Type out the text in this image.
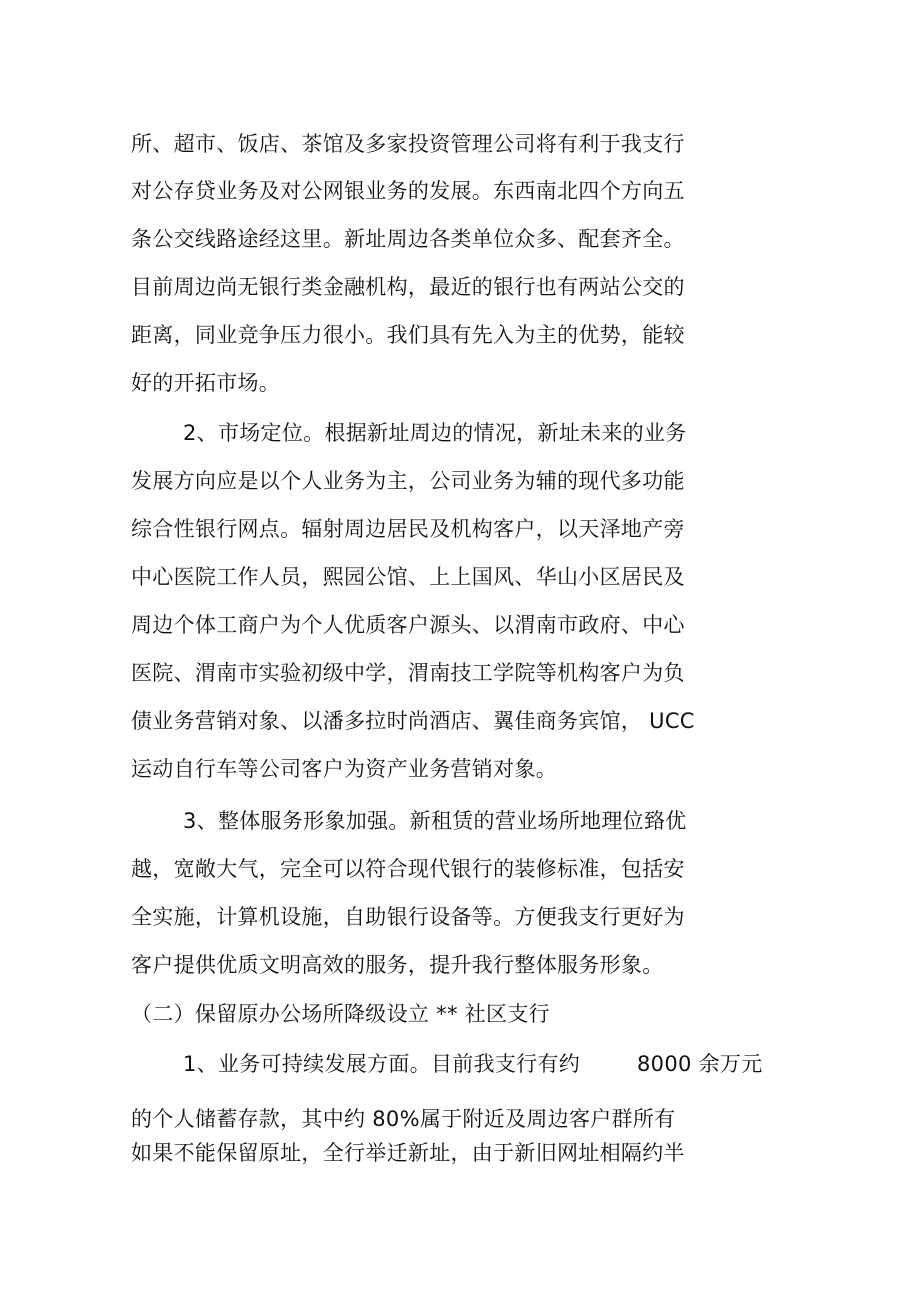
所、超市、饭店、茶馆及多家投资管理公司将有利于我支行
对公存贷业务及对公网银业务的发展。东西南北四个方向五
条公交线路途经这里。新址周边各类单位众多、配套齐全。
目前周边尚无银行类金融机构，最近的银行也有两站公交的
距离，同业竞争压力很小。我们具有先入为主的优势，能较
好的开拓市场。
2、市场定位。根据新址周边的情况，新址未来的业务
发展方向应是以个人业务为主，公司业务为辅的现代多功能
综合性银行网点。辐射周边居民及机构客户，以天泽地产旁
中心医院工作人员，熙园公馆、上上国风、华山小区居民及
周边个体工商户为个人优质客户源头、以渭南市政府、中心
医院、渭南市实验初级中学，渭南技工学院等机构客户为负
债业务营销对象、以潘多拉时尚酒店、翼佳商务宾馆， UCC
运动自行车等公司客户为资产业务营销对象。
3、整体服务形象加强。新租赁的营业场所地理位臵优
越，宽敞大气，完全可以符合现代银行的装修标准，包括安
全实施，计算机设施，自助银行设备等。方便我支行更好为
客户提供优质文明高效的服务，提升我行整体服务形象。
（二）保留原办公场所降级设立 ** 社区支行
1、业务可持续发展方面。目前我支行有约	8000 余万元
的个人储蓄存款，其中约 80%属于附近及周边客户群所有
如果不能保留原址，全行举迁新址，由于新旧网址相隔约半
